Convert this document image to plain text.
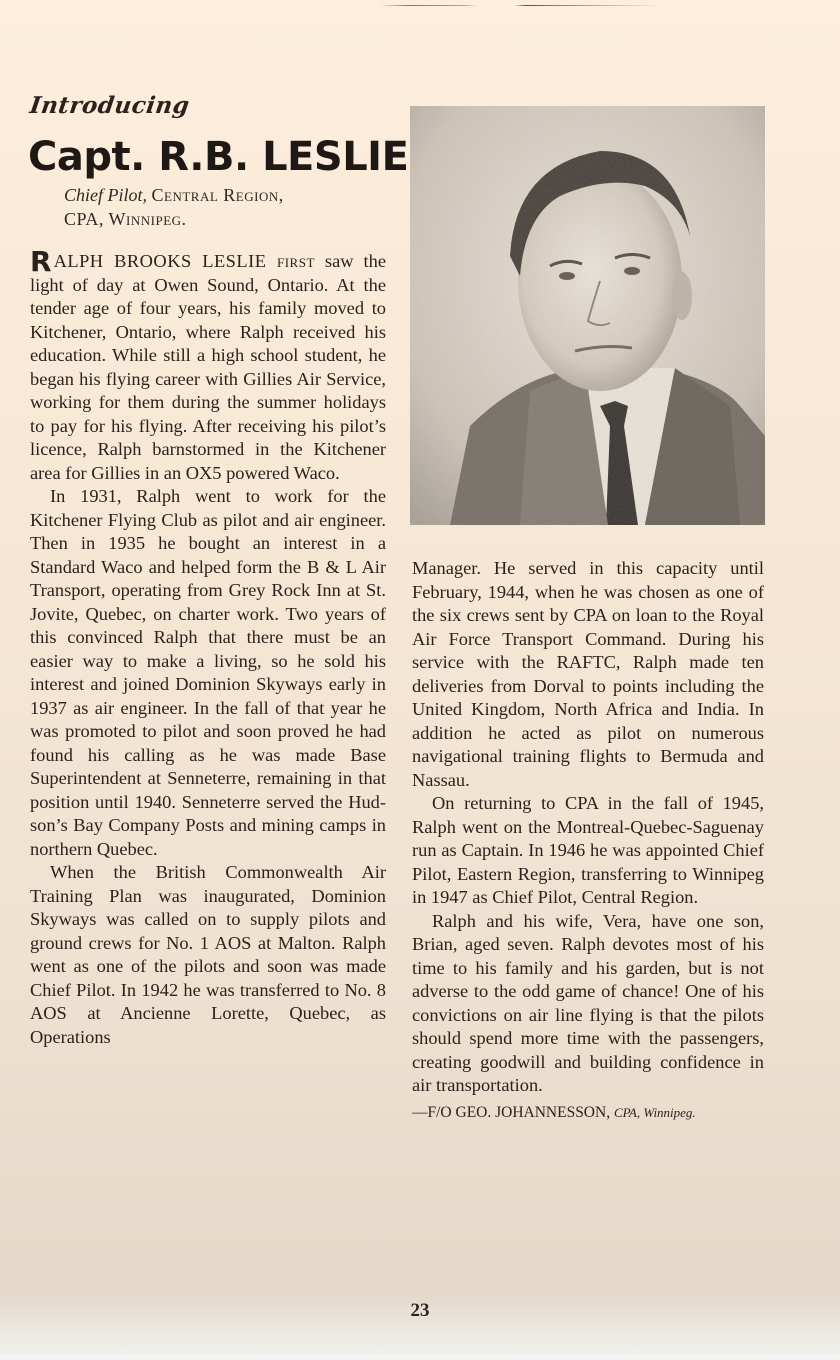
Introducing
Capt. R.B. LESLIE
Chief Pilot, Central Region,
CPA, Winnipeg.

RALPH BROOKS LESLIE first saw the light of day at Owen Sound, Ontario. At the tender age of four years, his family moved to Kitchener, Ontario, where Ralph received his education. While still a high school student, he began his flying career with Gillies Air Service, working for them during the summer holidays to pay for his flying. After receiving his pilot’s licence, Ralph barnstormed in the Kitchener area for Gillies in an OX5 powered Waco.

In 1931, Ralph went to work for the Kitchener Flying Club as pilot and air engineer. Then in 1935 he bought an interest in a Standard Waco and helped form the B & L Air Transport, operating from Grey Rock Inn at St. Jovite, Quebec, on charter work. Two years of this convinced Ralph that there must be an easier way to make a living, so he sold his interest and joined Dominion Skyways early in 1937 as air engineer. In the fall of that year he was promoted to pilot and soon proved he had found his calling as he was made Base Superintendent at Senneterre, remaining in that position until 1940. Senneterre served the Hudson’s Bay Company Posts and mining camps in northern Quebec.

When the British Commonwealth Air Training Plan was inaugurated, Dominion Skyways was called on to supply pilots and ground crews for No. 1 AOS at Malton. Ralph went as one of the pilots and soon was made Chief Pilot. In 1942 he was transferred to No. 8 AOS at Ancienne Lorette, Quebec, as Operations

Manager. He served in this capacity until February, 1944, when he was chosen as one of the six crews sent by CPA on loan to the Royal Air Force Transport Command. During his service with the RAFTC, Ralph made ten deliveries from Dorval to points including the United Kingdom, North Africa and India. In addition he acted as pilot on numerous navigational training flights to Bermuda and Nassau.

On returning to CPA in the fall of 1945, Ralph went on the Montreal-Quebec-Saguenay run as Captain. In 1946 he was appointed Chief Pilot, Eastern Region, transferring to Winnipeg in 1947 as Chief Pilot, Central Region.

Ralph and his wife, Vera, have one son, Brian, aged seven. Ralph devotes most of his time to his family and his garden, but is not adverse to the odd game of chance! One of his convictions on air line flying is that the pilots should spend more time with the passengers, creating goodwill and building confidence in air transportation.

—F/O GEO. JOHANNESSON, CPA, Winnipeg.

23
